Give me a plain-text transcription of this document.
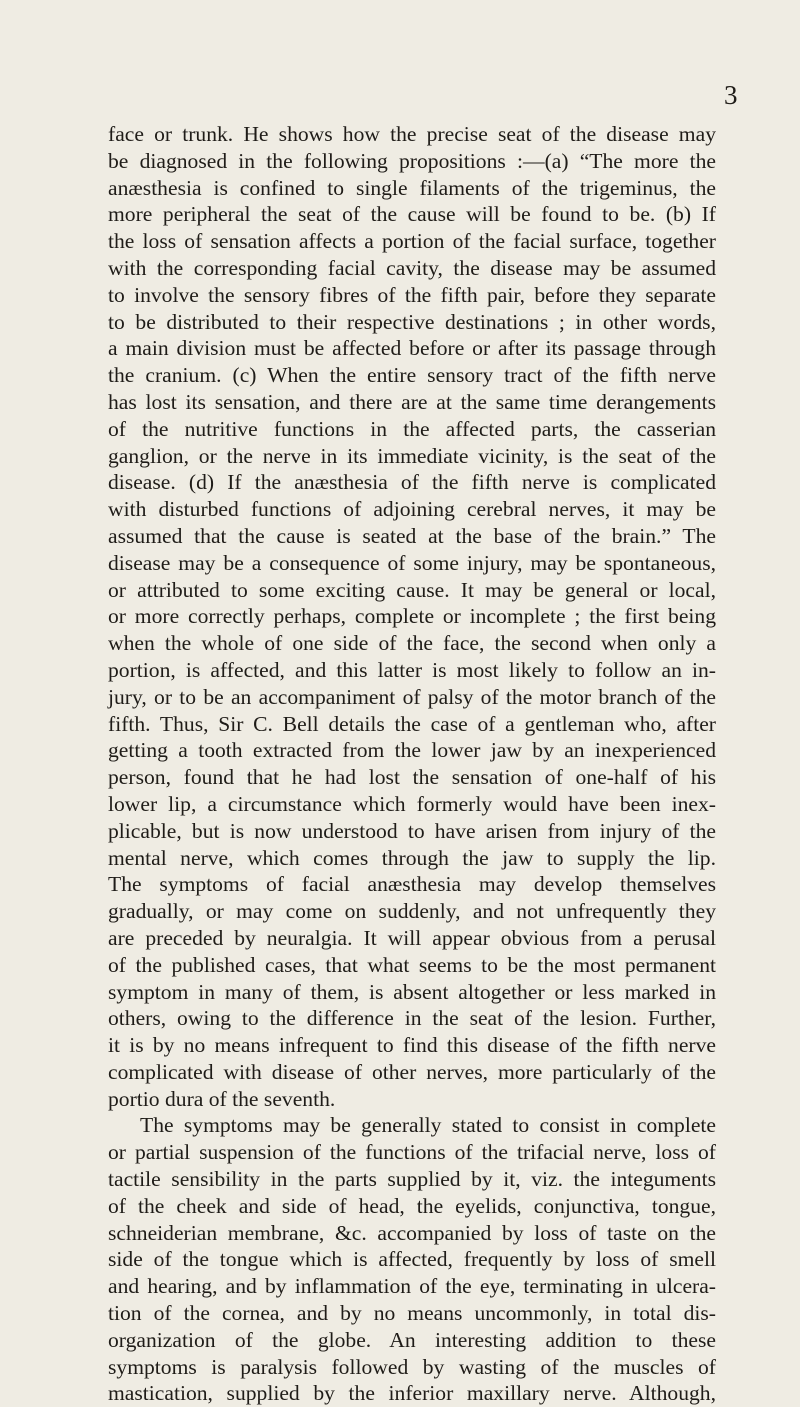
3
face or trunk. He shows how the precise seat of the disease may
be diagnosed in the following propositions :—(a) “The more the
anæsthesia is confined to single filaments of the trigeminus, the
more peripheral the seat of the cause will be found to be. (b) If
the loss of sensation affects a portion of the facial surface, together
with the corresponding facial cavity, the disease may be assumed
to involve the sensory fibres of the fifth pair, before they separate
to be distributed to their respective destinations ; in other words,
a main division must be affected before or after its passage through
the cranium. (c) When the entire sensory tract of the fifth nerve
has lost its sensation, and there are at the same time derangements
of the nutritive functions in the affected parts, the casserian
ganglion, or the nerve in its immediate vicinity, is the seat of the
disease. (d) If the anæsthesia of the fifth nerve is complicated
with disturbed functions of adjoining cerebral nerves, it may be
assumed that the cause is seated at the base of the brain.” The
disease may be a consequence of some injury, may be spontaneous,
or attributed to some exciting cause. It may be general or local,
or more correctly perhaps, complete or incomplete ; the first being
when the whole of one side of the face, the second when only a
portion, is affected, and this latter is most likely to follow an in-
jury, or to be an accompaniment of palsy of the motor branch of the
fifth. Thus, Sir C. Bell details the case of a gentleman who, after
getting a tooth extracted from the lower jaw by an inexperienced
person, found that he had lost the sensation of one-half of his
lower lip, a circumstance which formerly would have been inex-
plicable, but is now understood to have arisen from injury of the
mental nerve, which comes through the jaw to supply the lip.
The symptoms of facial anæsthesia may develop themselves
gradually, or may come on suddenly, and not unfrequently they
are preceded by neuralgia. It will appear obvious from a perusal
of the published cases, that what seems to be the most permanent
symptom in many of them, is absent altogether or less marked in
others, owing to the difference in the seat of the lesion. Further,
it is by no means infrequent to find this disease of the fifth nerve
complicated with disease of other nerves, more particularly of the
portio dura of the seventh.
The symptoms may be generally stated to consist in complete
or partial suspension of the functions of the trifacial nerve, loss of
tactile sensibility in the parts supplied by it, viz. the integuments
of the cheek and side of head, the eyelids, conjunctiva, tongue,
schneiderian membrane, &c. accompanied by loss of taste on the
side of the tongue which is affected, frequently by loss of smell
and hearing, and by inflammation of the eye, terminating in ulcera-
tion of the cornea, and by no means uncommonly, in total dis-
organization of the globe. An interesting addition to these
symptoms is paralysis followed by wasting of the muscles of
mastication, supplied by the inferior maxillary nerve. Although,
